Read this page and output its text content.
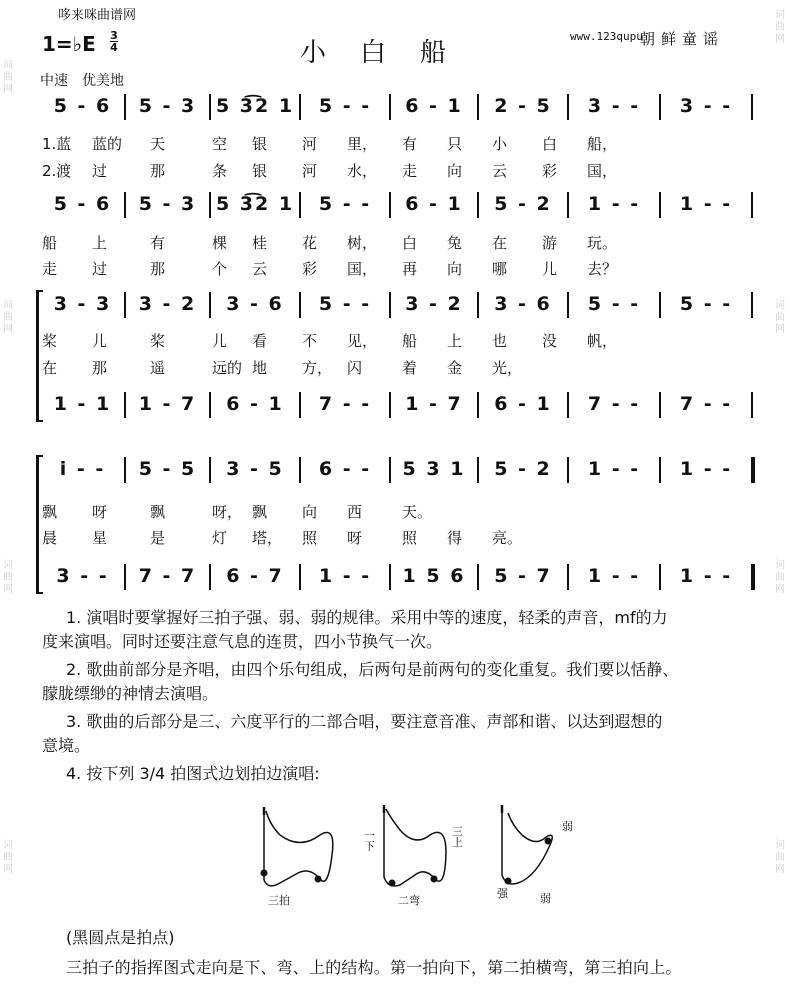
词曲网
词曲网
词曲网
词曲网
词曲网
词曲网
词曲网
词曲网
哆来咪曲谱网
1=♭E 3
4	小白船
www.123qupu
朝鲜童谣
中速　优美地
5 - 6	5 - 3	5 3͡2 1	5 - -	6 - 1	2 - 5	3 - -	3 - -
5 - 6	5 - 3	5 3͡2 1	5 - -	6 - 1	5 - 2	1 - -	1 - -
3 - 3	3 - 2	3 - 6	5 - -	3 - 2	3 - 6	5 - -	5 - -
1 - 1	1 - 7	6 - 1	7 - -	1 - 7	6 - 1	7 - -	7 - -
i - -	5 - 5	3 - 5	6 - -	5 3 1	5 - 2	1 - -	1 - -
3 - -	7 - 7	6 - 7	1 - -	1 5 6	5 - 7	1 - -	1 - -
1.蓝 蓝的 天	空 银 河 里， 有 只 小 白 船，
2.渡 过	那	条 银 河 水， 走 向 云 彩 国，
船 上	有	棵 桂 花 树， 白 兔 在 游 玩。
走 过	那	个 云 彩 国， 再 向 哪 儿 去？
桨 儿	桨	儿 看 不 见， 船 上 也 没 帆，
在 那	遥	远的 地 方， 闪	着 金 光，
飘 呀	飘	呀， 飘 向 西	天。
晨 星	是	灯 塔， 照 呀	照 得 亮。
1. 演唱时要掌握好三拍子强、弱、弱的规律。采用中等的速度，轻柔的声音，mf的力
度来演唱。同时还要注意气息的连贯，四小节换气一次。
2. 歌曲前部分是齐唱，由四个乐句组成，后两句是前两句的变化重复。我们要以恬静、
朦胧缥缈的神情去演唱。
3. 歌曲的后部分是三、六度平行的二部合唱，要注意音准、声部和谐、以达到遐想的
意境。
4. 按下列 3/4 拍图式边划拍边演唱:
三拍
一下
二弯
三上
强
弱
弱
(黑圆点是拍点)
三拍子的指挥图式走向是下、弯、上的结构。第一拍向下，第二拍横弯，第三拍向上。
